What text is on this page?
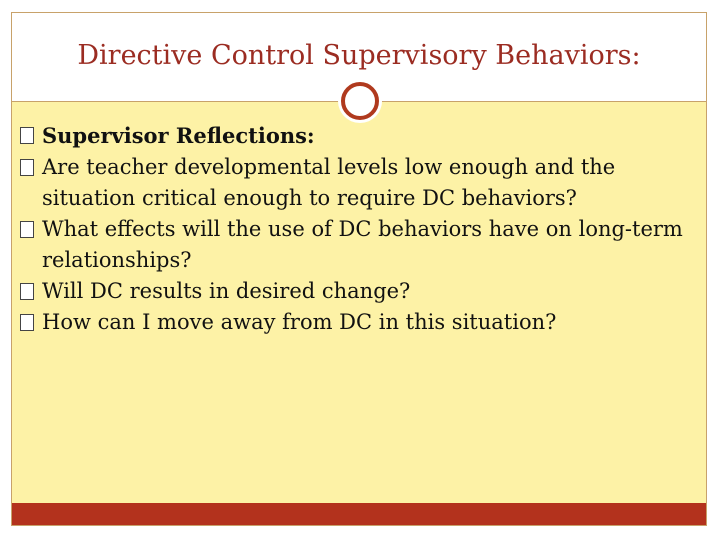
Directive Control Supervisory Behaviors:
Supervisor Reflections:
Are teacher developmental levels low enough and the situation critical enough to require DC behaviors?
What effects will the use of DC behaviors have on long-term relationships?
Will DC results in desired change?
How can I move away from DC in this situation?
